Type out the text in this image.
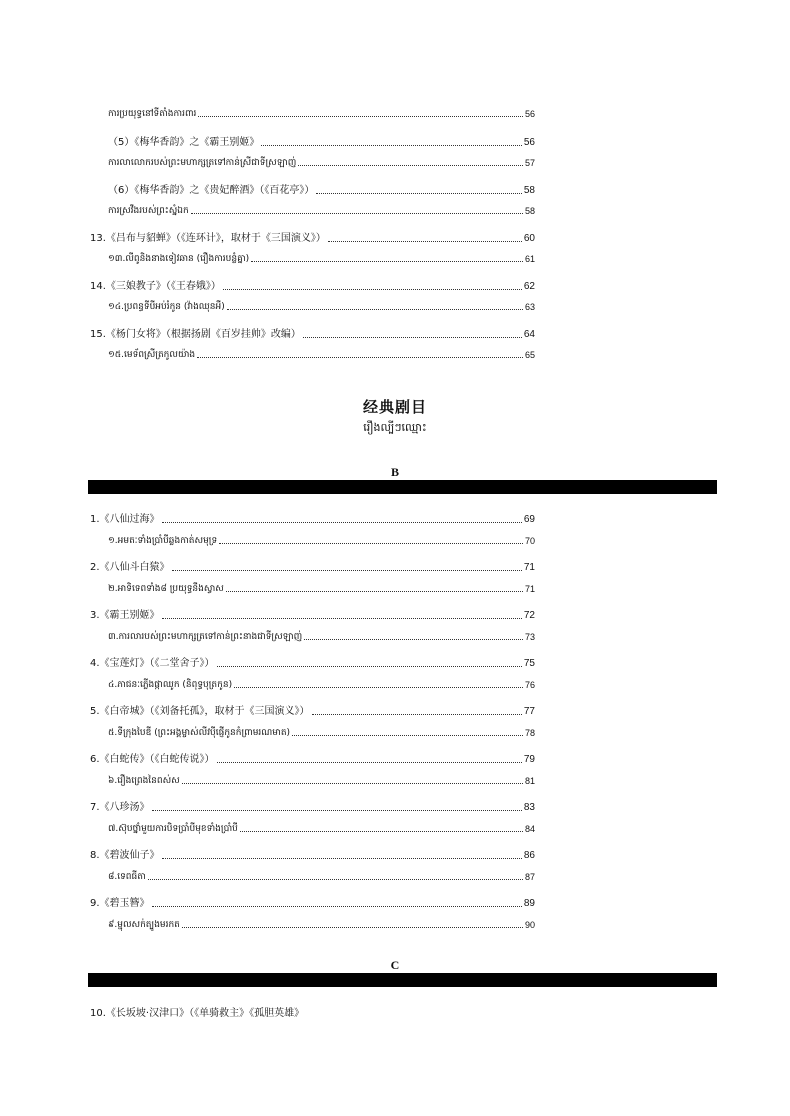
ការប្រយុទ្ធនៅទីតាំងការពារ	56
（5）《梅华香韵》之《霸王别姬》	56
ការលាលោករបស់ព្រះមហាក្សត្រទៅកាន់ស្រីជាទីស្រឡាញ់	57
（6）《梅华香韵》之《贵妃醉酒》（《百花亭》）	58
ការស្រវឹងរបស់ព្រះស្នំឯក	58
13.《吕布与貂蝉》（《连环计》，取材于《三国演义》）	60
១៣.លីពូនិងនាងទៀវឆាន (រឿងការបន្លំគ្នា)	61
14.《三娘教子》（《王春娥》）	62
១៤.ប្រពន្ធទីបីអប់រំកូន (វ៉ាងឈុនអឺ)	63
15.《杨门女将》（根据扬剧《百岁挂帅》改编）	64
១៥.មេទ័ពស្រីត្រកូលយ៉ាង	65
1.《八仙过海》	69
១.អមតៈទាំងប្រាំបីឆ្លងកាត់សមុទ្រ	70
2.《八仙斗白猿》	71
២.អាទិទេពទាំង៨ ប្រយុទ្ធនឹងស្វាស	71
3.《霸王别姬》	72
៣.ការលារបស់ព្រះមហាក្សត្រទៅកាន់ព្រះនាងជាទីស្រឡាញ់	73
4.《宝莲灯》（《二堂舍子》）	75
៤.ភាជនៈភ្លើងផ្កាឈូក (និពុទ្ធបុត្រកូន)	76
5.《白帝城》（《刘备托孤》，取材于《三国演义》）	77
៥.ទីក្រុងបៃឌី (ព្រះអង្គម្ចាស់លីវប៉ីផ្ញើកូនកំព្រាមរណមាត)	78
6.《白蛇传》（《白蛇传说》）	79
៦.រឿងព្រេងនៃពស់ស	81
7.《八珍汤》	83
៧.ស៊ុបថ្នាំមួយការបិទប្រាំបីមុខទាំងប្រាំបី	84
8.《碧波仙子》	86
៨.ទេពធីតា	87
9.《碧玉簪》	89
៩.ម្ជុលសក់ត្បូងមរកត	90
经典剧目
រឿងល្បីៗឈ្មោះ
B
C
10.《长坂坡·汉津口》（《单骑救主》《孤胆英雄》
